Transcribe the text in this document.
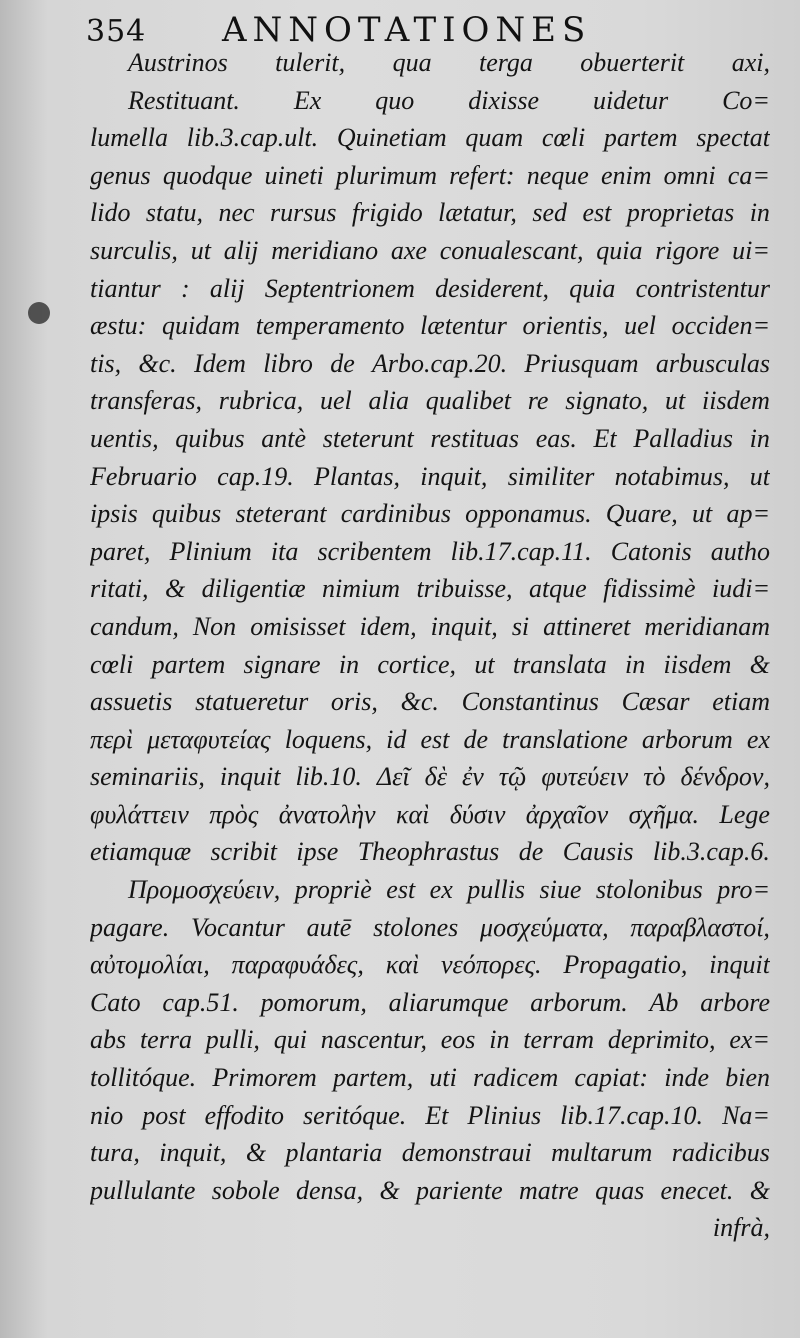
354 ANNOTATIONES
Austrinos tulerit, qua terga obuerterit axi,
Restituant. Ex quo dixisse uidetur Co=
lumella lib.3.cap.ult. Quinetiam quam cœli partem spectat
genus quodque uineti plurimum refert: neque enim omni ca=
lido statu, nec rursus frigido lætatur, sed est proprietas in
surculis, ut alij meridiano axe conualescant, quia rigore ui=
tiantur : alij Septentrionem desiderent, quia contristentur
æstu: quidam temperamento lætentur orientis, uel occiden=
tis, &c. Idem libro de Arbo.cap.20. Priusquam arbusculas
transferas, rubrica, uel alia qualibet re signato, ut iisdem
uentis, quibus antè steterunt restituas eas. Et Palladius in
Februario cap.19. Plantas, inquit, similiter notabimus, ut
ipsis quibus steterant cardinibus opponamus. Quare, ut ap=
paret, Plinium ita scribentem lib.17.cap.11. Catonis autho
ritati, & diligentiæ nimium tribuisse, atque fidissimè iudi=
candum, Non omisisset idem, inquit, si attineret meridianam
cœli partem signare in cortice, ut translata in iisdem &
assuetis statueretur oris, &c. Constantinus Cæsar etiam
περὶ μεταφυτείας loquens, id est de translatione arborum ex
seminariis, inquit lib.10. Δεῖ δὲ ἐν τῷ φυτεύειν τὸ δένδρον,
φυλάττειν πρὸς ἀνατολὴν καὶ δύσιν ἀρχαῖον σχῆμα. Lege
etiamquæ scribit ipse Theophrastus de Causis lib.3.cap.6.
Προμοσχεύειν, propriè est ex pullis siue stolonibus pro=
pagare. Vocantur autē stolones μοσχεύματα, παραβλαστοί,
αὐτομολίαι, παραφυάδες, καὶ νεόπορες. Propagatio, inquit
Cato cap.51. pomorum, aliarumque arborum. Ab arbore
abs terra pulli, qui nascentur, eos in terram deprimito, ex=
tollitóque. Primorem partem, uti radicem capiat: inde bien
nio post effodito seritóque. Et Plinius lib.17.cap.10. Na=
tura, inquit, & plantaria demonstraui multarum radicibus
pullulante sobole densa, & pariente matre quas enecet. &
infrà,
